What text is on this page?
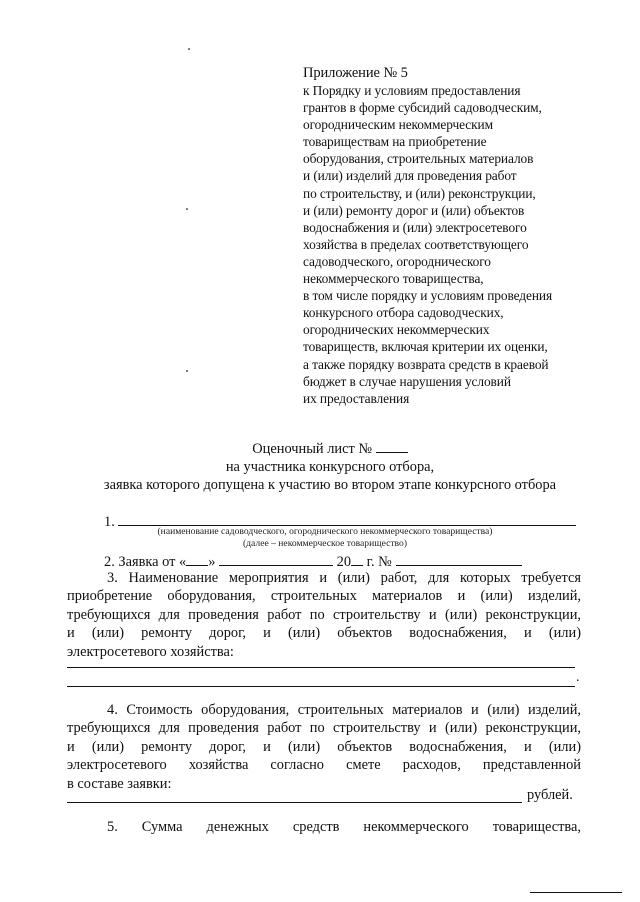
Приложение № 5
к Порядку и условиям предоставления
грантов в форме субсидий садоводческим,
огородническим некоммерческим
товариществам на приобретение
оборудования, строительных материалов
и (или) изделий для проведения работ
по строительству, и (или) реконструкции,
и (или) ремонту дорог и (или) объектов
водоснабжения и (или) электросетевого
хозяйства в пределах соответствующего
садоводческого, огороднического
некоммерческого товарищества,
в том числе порядку и условиям проведения
конкурсного отбора садоводческих,
огороднических некоммерческих
товариществ, включая критерии их оценки,
а также порядку возврата средств в краевой
бюджет в случае нарушения условий
их предоставления
Оценочный лист №
на участника конкурсного отбора,
заявка которого допущена к участию во втором этапе конкурсного отбора
1.
(наименование садоводческого, огороднического некоммерческого товарищества)
(далее – некоммерческое товарищество)
2. Заявка от « »	20 г. №
3. Наименование мероприятия и (или) работ, для которых требуется
приобретение оборудования, строительных материалов и (или) изделий,
требующихся для проведения работ по строительству и (или) реконструкции,
и (или) ремонту дорог, и (или) объектов водоснабжения, и (или)
электросетевого хозяйства:
.
4. Стоимость оборудования, строительных материалов и (или) изделий,
требующихся для проведения работ по строительству и (или) реконструкции,
и (или) ремонту дорог, и (или) объектов водоснабжения, и (или)
электросетевого хозяйства согласно смете расходов, представленной
в составе заявки:
рублей.
5. Сумма денежных средств некоммерческого товарищества,
